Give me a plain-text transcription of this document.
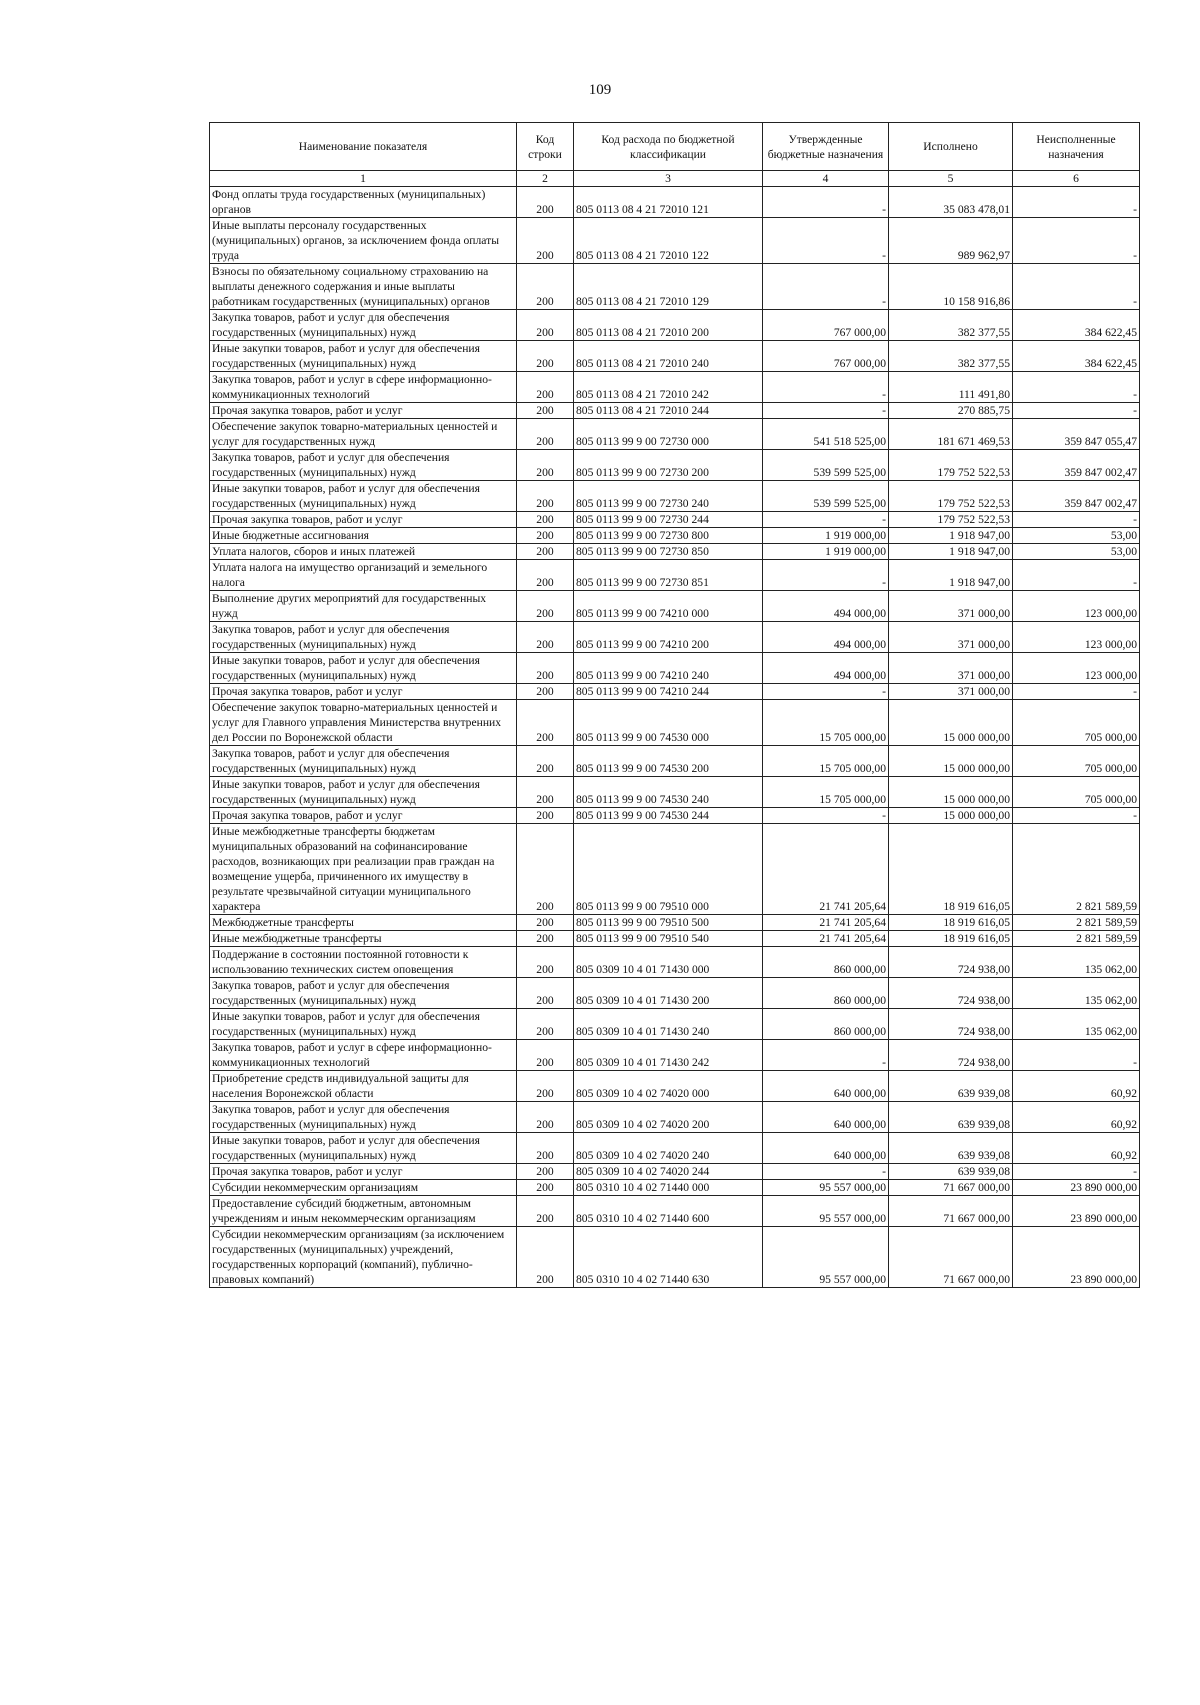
109
Наименование показателя	Код строки	Код расхода по бюджетной классификации	Утвержденные бюджетные назначения	Исполнено	Неисполненные назначения
1	2	3	4	5	6
Фонд оплаты труда государственных (муниципальных) органов	200	805 0113 08 4 21 72010 121	-	35 083 478,01	-
Иные выплаты персоналу государственных (муниципальных) органов, за исключением фонда оплаты труда	200	805 0113 08 4 21 72010 122	-	989 962,97	-
Взносы по обязательному социальному страхованию на выплаты денежного содержания и иные выплаты работникам государственных (муниципальных) органов	200	805 0113 08 4 21 72010 129	-	10 158 916,86	-
Закупка товаров, работ и услуг для обеспечения государственных (муниципальных) нужд	200	805 0113 08 4 21 72010 200	767 000,00	382 377,55	384 622,45
Иные закупки товаров, работ и услуг для обеспечения государственных (муниципальных) нужд	200	805 0113 08 4 21 72010 240	767 000,00	382 377,55	384 622,45
Закупка товаров, работ и услуг в сфере информационно-коммуникационных технологий	200	805 0113 08 4 21 72010 242	-	111 491,80	-
Прочая закупка товаров, работ и услуг	200	805 0113 08 4 21 72010 244	-	270 885,75	-
Обеспечение закупок товарно-материальных ценностей и услуг для государственных нужд	200	805 0113 99 9 00 72730 000	541 518 525,00	181 671 469,53	359 847 055,47
Закупка товаров, работ и услуг для обеспечения государственных (муниципальных) нужд	200	805 0113 99 9 00 72730 200	539 599 525,00	179 752 522,53	359 847 002,47
Иные закупки товаров, работ и услуг для обеспечения государственных (муниципальных) нужд	200	805 0113 99 9 00 72730 240	539 599 525,00	179 752 522,53	359 847 002,47
Прочая закупка товаров, работ и услуг	200	805 0113 99 9 00 72730 244	-	179 752 522,53	-
Иные бюджетные ассигнования	200	805 0113 99 9 00 72730 800	1 919 000,00	1 918 947,00	53,00
Уплата налогов, сборов и иных платежей	200	805 0113 99 9 00 72730 850	1 919 000,00	1 918 947,00	53,00
Уплата налога на имущество организаций и земельного налога	200	805 0113 99 9 00 72730 851	-	1 918 947,00	-
Выполнение других мероприятий для государственных нужд	200	805 0113 99 9 00 74210 000	494 000,00	371 000,00	123 000,00
Закупка товаров, работ и услуг для обеспечения государственных (муниципальных) нужд	200	805 0113 99 9 00 74210 200	494 000,00	371 000,00	123 000,00
Иные закупки товаров, работ и услуг для обеспечения государственных (муниципальных) нужд	200	805 0113 99 9 00 74210 240	494 000,00	371 000,00	123 000,00
Прочая закупка товаров, работ и услуг	200	805 0113 99 9 00 74210 244	-	371 000,00	-
Обеспечение закупок товарно-материальных ценностей и услуг для Главного управления Министерства внутренних дел России по Воронежской области	200	805 0113 99 9 00 74530 000	15 705 000,00	15 000 000,00	705 000,00
Закупка товаров, работ и услуг для обеспечения государственных (муниципальных) нужд	200	805 0113 99 9 00 74530 200	15 705 000,00	15 000 000,00	705 000,00
Иные закупки товаров, работ и услуг для обеспечения государственных (муниципальных) нужд	200	805 0113 99 9 00 74530 240	15 705 000,00	15 000 000,00	705 000,00
Прочая закупка товаров, работ и услуг	200	805 0113 99 9 00 74530 244	-	15 000 000,00	-
Иные межбюджетные трансферты бюджетам муниципальных образований на софинансирование расходов, возникающих при реализации прав граждан на возмещение ущерба, причиненного их имуществу в результате чрезвычайной ситуации муниципального характера	200	805 0113 99 9 00 79510 000	21 741 205,64	18 919 616,05	2 821 589,59
Межбюджетные трансферты	200	805 0113 99 9 00 79510 500	21 741 205,64	18 919 616,05	2 821 589,59
Иные межбюджетные трансферты	200	805 0113 99 9 00 79510 540	21 741 205,64	18 919 616,05	2 821 589,59
Поддержание в состоянии постоянной готовности к использованию технических систем оповещения	200	805 0309 10 4 01 71430 000	860 000,00	724 938,00	135 062,00
Закупка товаров, работ и услуг для обеспечения государственных (муниципальных) нужд	200	805 0309 10 4 01 71430 200	860 000,00	724 938,00	135 062,00
Иные закупки товаров, работ и услуг для обеспечения государственных (муниципальных) нужд	200	805 0309 10 4 01 71430 240	860 000,00	724 938,00	135 062,00
Закупка товаров, работ и услуг в сфере информационно-коммуникационных технологий	200	805 0309 10 4 01 71430 242	-	724 938,00	-
Приобретение средств индивидуальной защиты для населения Воронежской области	200	805 0309 10 4 02 74020 000	640 000,00	639 939,08	60,92
Закупка товаров, работ и услуг для обеспечения государственных (муниципальных) нужд	200	805 0309 10 4 02 74020 200	640 000,00	639 939,08	60,92
Иные закупки товаров, работ и услуг для обеспечения государственных (муниципальных) нужд	200	805 0309 10 4 02 74020 240	640 000,00	639 939,08	60,92
Прочая закупка товаров, работ и услуг	200	805 0309 10 4 02 74020 244	-	639 939,08	-
Субсидии некоммерческим организациям	200	805 0310 10 4 02 71440 000	95 557 000,00	71 667 000,00	23 890 000,00
Предоставление субсидий бюджетным, автономным учреждениям и иным некоммерческим организациям	200	805 0310 10 4 02 71440 600	95 557 000,00	71 667 000,00	23 890 000,00
Субсидии некоммерческим организациям (за исключением государственных (муниципальных) учреждений, государственных корпораций (компаний), публично-правовых компаний)	200	805 0310 10 4 02 71440 630	95 557 000,00	71 667 000,00	23 890 000,00
